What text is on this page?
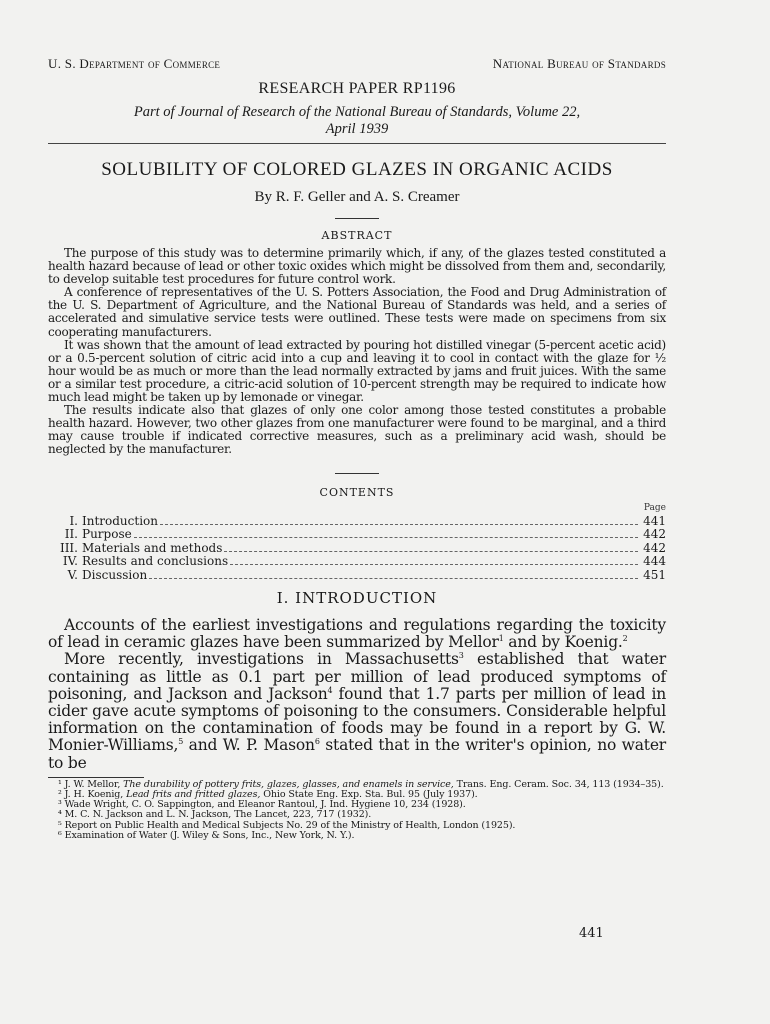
U. S. Department of Commerce	National Bureau of Standards
RESEARCH PAPER RP1196
Part of Journal of Research of the National Bureau of Standards, Volume 22,
April 1939
SOLUBILITY OF COLORED GLAZES IN ORGANIC ACIDS
By R. F. Geller and A. S. Creamer
ABSTRACT

The purpose of this study was to determine primarily which, if any, of the glazes tested constituted a health hazard because of lead or other toxic oxides which might be dissolved from them and, secondarily, to develop suitable test procedures for future control work.

A conference of representatives of the U. S. Potters Association, the Food and Drug Administration of the U. S. Department of Agriculture, and the National Bureau of Standards was held, and a series of accelerated and simulative service tests were outlined. These tests were made on specimens from six cooperating manufacturers.

It was shown that the amount of lead extracted by pouring hot distilled vinegar (5-percent acetic acid) or a 0.5-percent solution of citric acid into a cup and leaving it to cool in contact with the glaze for ½ hour would be as much or more than the lead normally extracted by jams and fruit juices. With the same or a similar test procedure, a citric-acid solution of 10-percent strength may be required to indicate how much lead might be taken up by lemonade or vinegar.

The results indicate also that glazes of only one color among those tested constitutes a probable health hazard. However, two other glazes from one manufacturer were found to be marginal, and a third may cause trouble if indicated corrective measures, such as a preliminary acid wash, should be neglected by the manufacturer.

CONTENTS
Page
I. Introduction	441
II. Purpose	442
III. Materials and methods	442
IV. Results and conclusions	444
V. Discussion	451
I. INTRODUCTION

Accounts of the earliest investigations and regulations regarding the toxicity of lead in ceramic glazes have been summarized by Mellor$^1$ and by Koenig.$^2$

More recently, investigations in Massachusetts$^3$ established that water containing as little as 0.1 part per million of lead produced symptoms of poisoning, and Jackson and Jackson$^4$ found that 1.7 parts per million of lead in cider gave acute symptoms of poisoning to the consumers. Considerable helpful information on the contamination of foods may be found in a report by G. W. Monier-Williams,$^5$ and W. P. Mason$^6$ stated that in the writer's opinion, no water to be

¹ J. W. Mellor, The durability of pottery frits, glazes, glasses, and enamels in service, Trans. Eng. Ceram. Soc. 34, 113 (1934–35).
² J. H. Koenig, Lead frits and fritted glazes, Ohio State Eng. Exp. Sta. Bul. 95 (July 1937).
³ Wade Wright, C. O. Sappington, and Eleanor Rantoul, J. Ind. Hygiene 10, 234 (1928).
⁴ M. C. N. Jackson and L. N. Jackson, The Lancet, 223, 717 (1932).
⁵ Report on Public Health and Medical Subjects No. 29 of the Ministry of Health, London (1925).
⁶ Examination of Water (J. Wiley & Sons, Inc., New York, N. Y.).
441
